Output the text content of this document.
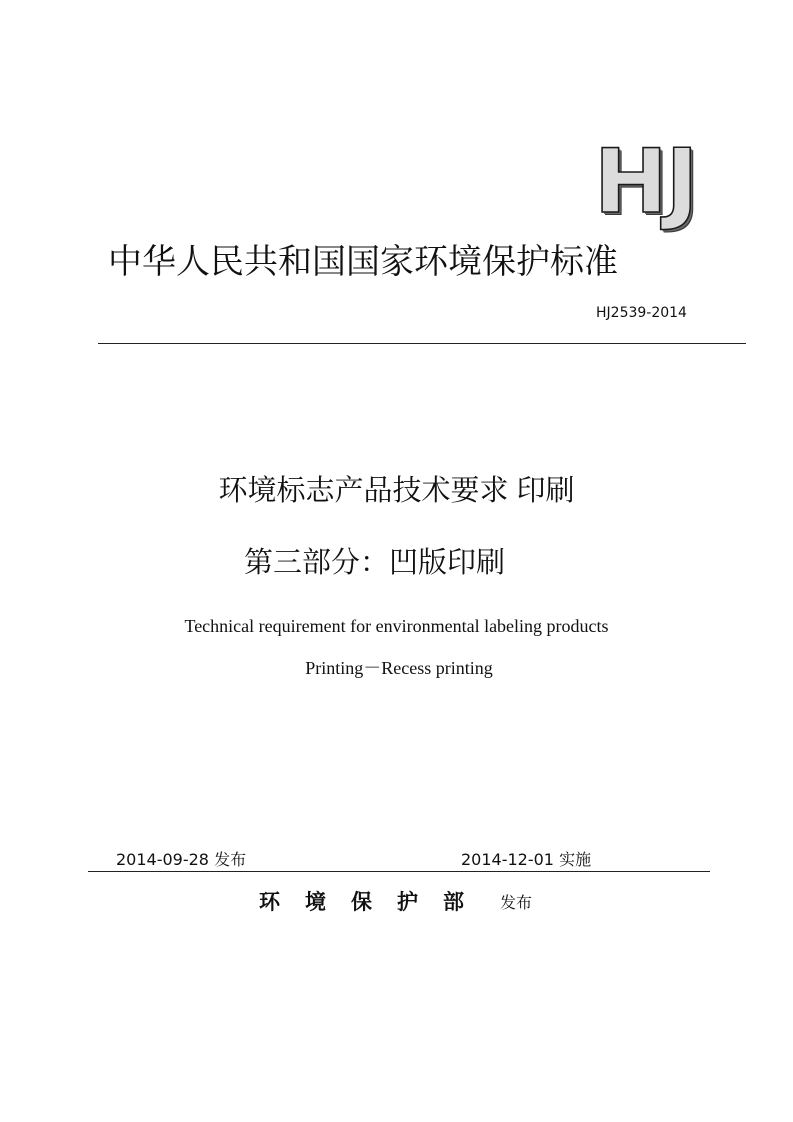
HJ
中华人民共和国国家环境保护标准
HJ2539-2014
环境标志产品技术要求 印刷
第三部分：凹版印刷
Technical requirement for environmental labeling products
Printing－Recess printing
2014-09-28 发布	2014-12-01 实施
环境保护部 发布
